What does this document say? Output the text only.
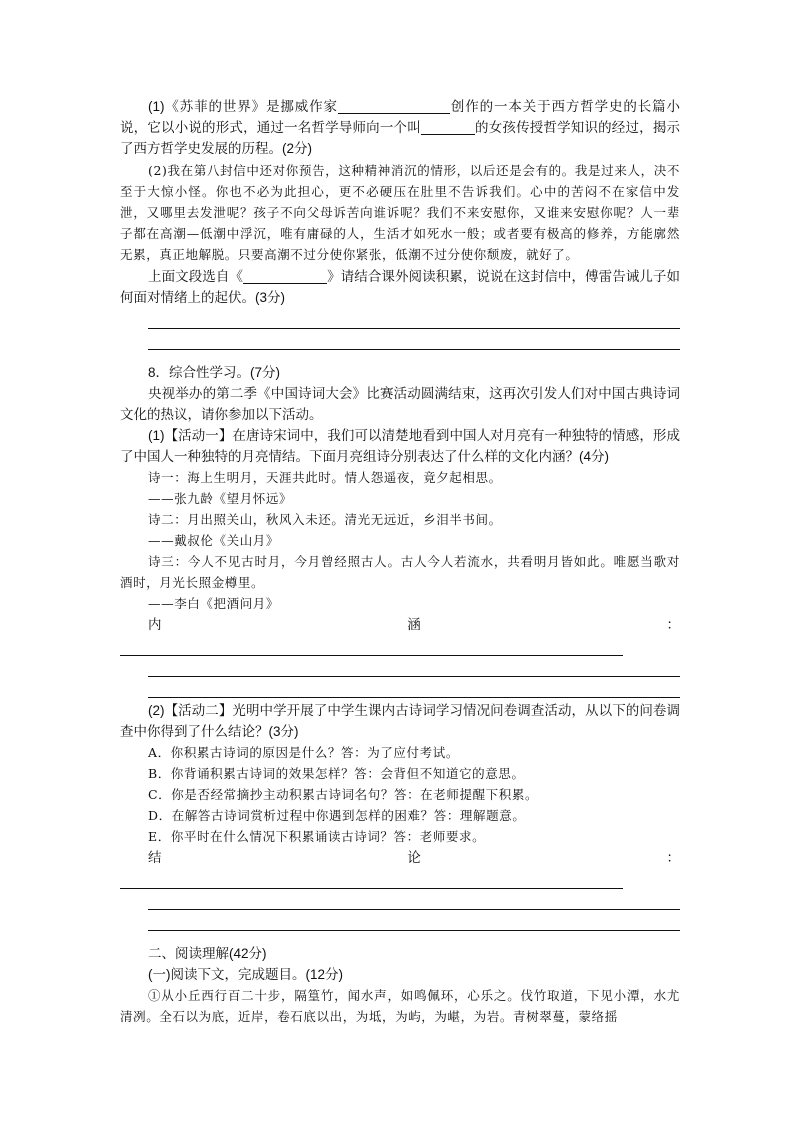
(1)《苏菲的世界》是挪威作家	创作的一本关于西方哲学史的长篇小说，它以小说的形式，通过一名哲学导师向一个叫	的女孩传授哲学知识的经过，揭示了西方哲学史发展的历程。(2分)

(2)我在第八封信中还对你预告，这种精神消沉的情形，以后还是会有的。我是过来人，决不至于大惊小怪。你也不必为此担心，更不必硬压在肚里不告诉我们。心中的苦闷不在家信中发泄，又哪里去发泄呢？孩子不向父母诉苦向谁诉呢？我们不来安慰你，又谁来安慰你呢？人一辈子都在高潮—低潮中浮沉，唯有庸碌的人，生活才如死水一般；或者要有极高的修养，方能廓然无累，真正地解脱。只要高潮不过分使你紧张，低潮不过分使你颓废，就好了。

上面文段选自《	》请结合课外阅读积累，说说在这封信中，傅雷告诫儿子如何面对情绪上的起伏。(3分)

8．综合性学习。(7分)

央视举办的第二季《中国诗词大会》比赛活动圆满结束，这再次引发人们对中国古典诗词文化的热议，请你参加以下活动。

(1)【活动一】在唐诗宋词中，我们可以清楚地看到中国人对月亮有一种独特的情感，形成了中国人一种独特的月亮情结。下面月亮组诗分别表达了什么样的文化内涵？(4分)

诗一：海上生明月，天涯共此时。情人怨遥夜，竟夕起相思。

——张九龄《望月怀远》

诗二：月出照关山，秋风入未还。清光无远近，乡泪半书间。

——戴叔伦《关山月》

诗三：今人不见古时月，今月曾经照古人。古人今人若流水，共看明月皆如此。唯愿当歌对酒时，月光长照金樽里。

——李白《把酒问月》

内	涵	：

(2)【活动二】光明中学开展了中学生课内古诗词学习情况问卷调查活动，从以下的问卷调查中你得到了什么结论？(3分)

A．你积累古诗词的原因是什么？答：为了应付考试。

B．你背诵积累古诗词的效果怎样？答：会背但不知道它的意思。

C．你是否经常摘抄主动积累古诗词名句？答：在老师提醒下积累。

D．在解答古诗词赏析过程中你遇到怎样的困难？答：理解题意。

E．你平时在什么情况下积累诵读古诗词？答：老师要求。

结	论	：

二、阅读理解(42分)

(一)阅读下文，完成题目。(12分)

①从小丘西行百二十步，隔篁竹，闻水声，如鸣佩环，心乐之。伐竹取道，下见小潭，水尤清冽。全石以为底，近岸，卷石底以出，为坻，为屿，为嵁，为岩。青树翠蔓，蒙络摇
